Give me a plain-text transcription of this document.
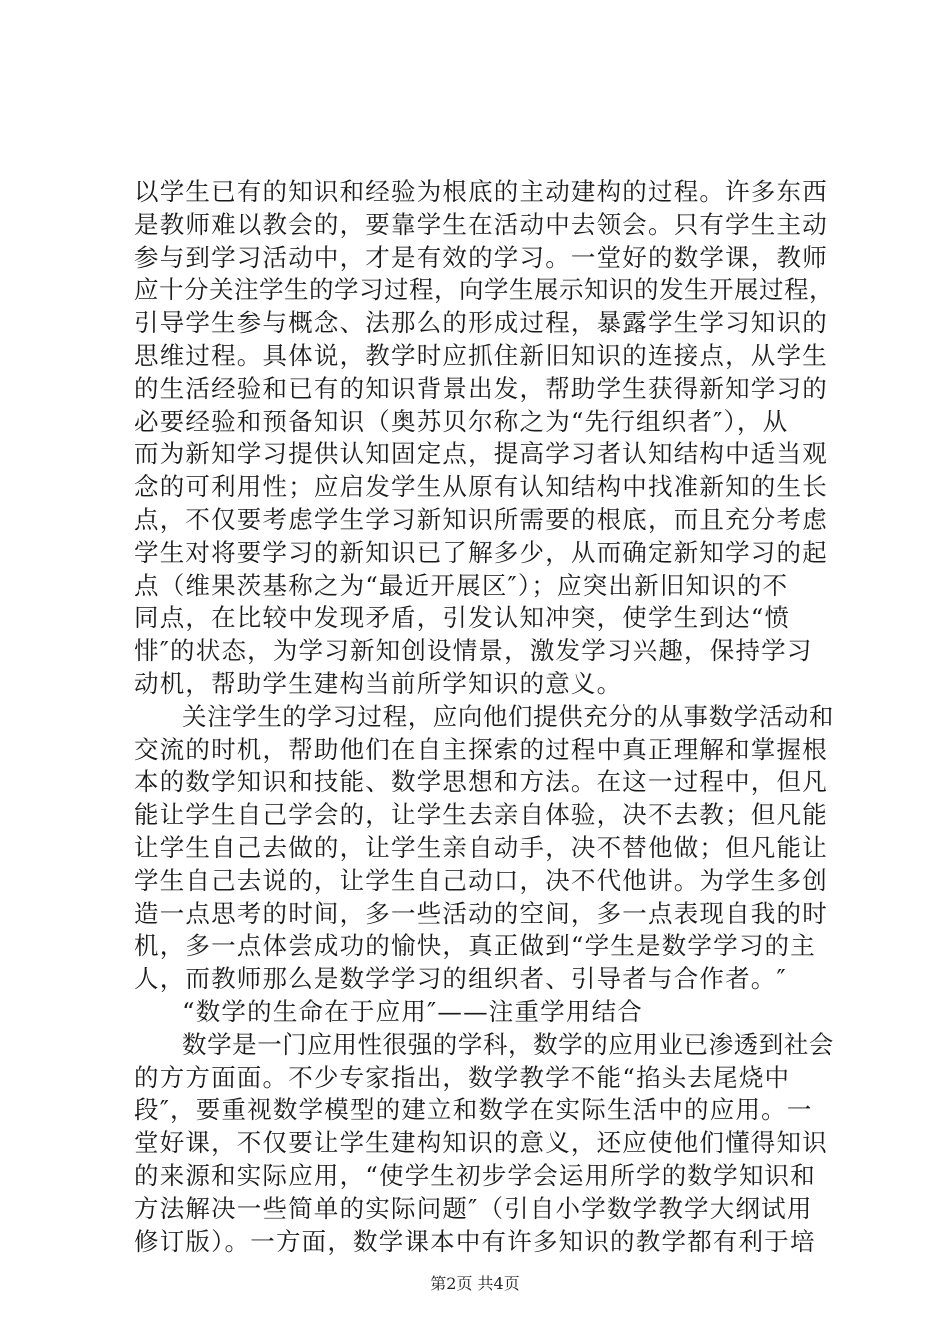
以学生已有的知识和经验为根底的主动建构的过程。许多东西
是教师难以教会的，要靠学生在活动中去领会。只有学生主动
参与到学习活动中，才是有效的学习。一堂好的数学课，教师
应十分关注学生的学习过程，向学生展示知识的发生开展过程，
引导学生参与概念、法那么的形成过程，暴露学生学习知识的
思维过程。具体说，教学时应抓住新旧知识的连接点，从学生
的生活经验和已有的知识背景出发，帮助学生获得新知学习的
必要经验和预备知识（奥苏贝尔称之为“先行组织者″），从
而为新知学习提供认知固定点，提高学习者认知结构中适当观
念的可利用性；应启发学生从原有认知结构中找准新知的生长
点，不仅要考虑学生学习新知识所需要的根底，而且充分考虑
学生对将要学习的新知识已了解多少，从而确定新知学习的起
点（维果茨基称之为“最近开展区″）；应突出新旧知识的不
同点，在比较中发现矛盾，引发认知冲突，使学生到达“愤
悱″的状态，为学习新知创设情景，激发学习兴趣，保持学习
动机，帮助学生建构当前所学知识的意义。
关注学生的学习过程，应向他们提供充分的从事数学活动和
交流的时机，帮助他们在自主探索的过程中真正理解和掌握根
本的数学知识和技能、数学思想和方法。在这一过程中，但凡
能让学生自己学会的，让学生去亲自体验，决不去教；但凡能
让学生自己去做的，让学生亲自动手，决不替他做；但凡能让
学生自己去说的，让学生自己动口，决不代他讲。为学生多创
造一点思考的时间，多一些活动的空间，多一点表现自我的时
机，多一点体尝成功的愉快，真正做到“学生是数学学习的主
人，而教师那么是数学学习的组织者、引导者与合作者。″
“数学的生命在于应用″——注重学用结合
数学是一门应用性很强的学科，数学的应用业已渗透到社会
的方方面面。不少专家指出，数学教学不能“掐头去尾烧中
段″，要重视数学模型的建立和数学在实际生活中的应用。一
堂好课，不仅要让学生建构知识的意义，还应使他们懂得知识
的来源和实际应用，“使学生初步学会运用所学的数学知识和
方法解决一些简单的实际问题″（引自小学数学教学大纲试用
修订版）。一方面，数学课本中有许多知识的教学都有利于培
第2页 共4页
